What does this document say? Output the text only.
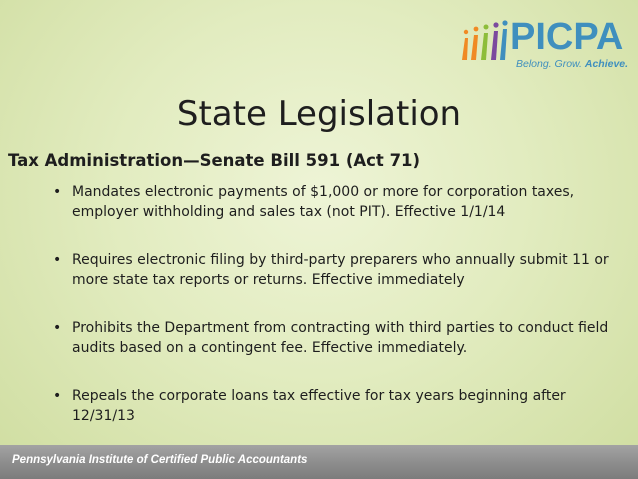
PICPA
Belong. Grow. Achieve.
State Legislation
Tax Administration—Senate Bill 591 (Act 71)
• Mandates electronic payments of $1,000 or more for corporation taxes, employer withholding and sales tax (not PIT). Effective 1/1/14
• Requires electronic filing by third-party preparers who annually submit 11 or more state tax reports or returns. Effective immediately
• Prohibits the Department from contracting with third parties to conduct field audits based on a contingent fee. Effective immediately.
• Repeals the corporate loans tax effective for tax years beginning after 12/31/13
Pennsylvania Institute of Certified Public Accountants
